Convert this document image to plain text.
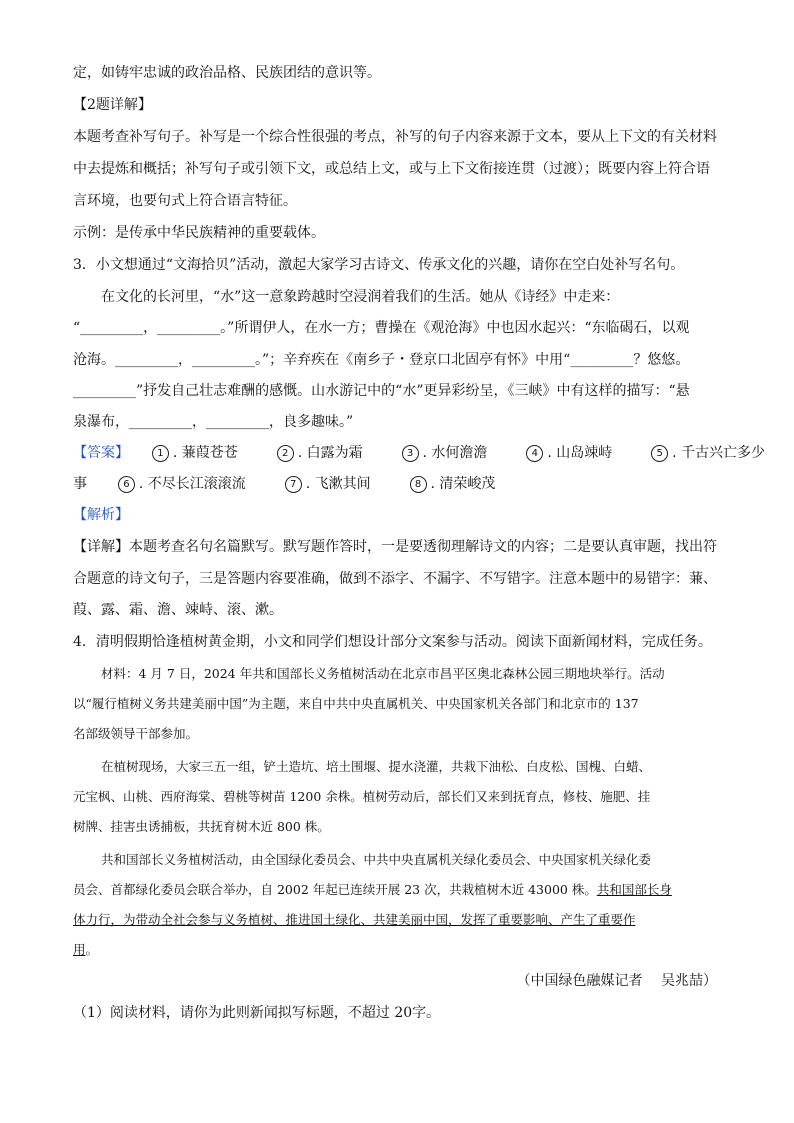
定，如铸牢忠诚的政治品格、民族团结的意识等。
【2题详解】
本题考查补写句子。补写是一个综合性很强的考点，补写的句子内容来源于文本，要从上下文的有关材料
中去提炼和概括；补写句子或引领下文，或总结上文，或与上下文衔接连贯（过渡）；既要内容上符合语
言环境，也要句式上符合语言特征。
示例：是传承中华民族精神的重要载体。
3．小文想通过“文海拾贝”活动，激起大家学习古诗文、传承文化的兴趣，请你在空白处补写名句。
在文化的长河里，“水”这一意象跨越时空浸润着我们的生活。她从《诗经》中走来：
“_________，_________。”所谓伊人，在水一方；曹操在《观沧海》中也因水起兴：“东临碣石，以观
沧海。_________，_________。”；辛弃疾在《南乡子・登京口北固亭有怀》中用“_________？悠悠。
_________”抒发自己壮志难酬的感慨。山水游记中的“水”更异彩纷呈，《三峡》中有这样的描写：“悬
泉瀑布，_________，_________，良多趣味。”
【答案】	1 . 蒹葭苍苍	2 . 白露为霜	3 . 水何澹澹	4 . 山岛竦峙	5 . 千古兴亡多少
事	6 . 不尽长江滚滚流	7 . 飞漱其间	8 . 清荣峻茂
【解析】
【详解】本题考查名句名篇默写。默写题作答时，一是要透彻理解诗文的内容；二是要认真审题，找出符
合题意的诗文句子，三是答题内容要准确，做到不添字、不漏字、不写错字。注意本题中的易错字：蒹、
葭、露、霜、澹、竦峙、滚、漱。
4．清明假期恰逢植树黄金期，小文和同学们想设计部分文案参与活动。阅读下面新闻材料，完成任务。
材料：4 月 7 日，2024 年共和国部长义务植树活动在北京市昌平区奥北森林公园三期地块举行。活动
以“履行植树义务共建美丽中国”为主题，来自中共中央直属机关、中央国家机关各部门和北京市的 137
名部级领导干部参加。
在植树现场，大家三五一组，铲土造坑、培土围堰、提水浇灌，共栽下油松、白皮松、国槐、白蜡、
元宝枫、山桃、西府海棠、碧桃等树苗 1200 余株。植树劳动后，部长们又来到抚育点，修枝、施肥、挂
树牌、挂害虫诱捕板，共抚育树木近 800 株。
共和国部长义务植树活动，由全国绿化委员会、中共中央直属机关绿化委员会、中央国家机关绿化委
员会、首都绿化委员会联合举办，自 2002 年起已连续开展 23 次，共栽植树木近 43000 株。共和国部长身
体力行，为带动全社会参与义务植树、推进国土绿化、共建美丽中国，发挥了重要影响、产生了重要作
用。
（中国绿色融媒记者　 吴兆喆）
（1）阅读材料，请你为此则新闻拟写标题，不超过 20字。
